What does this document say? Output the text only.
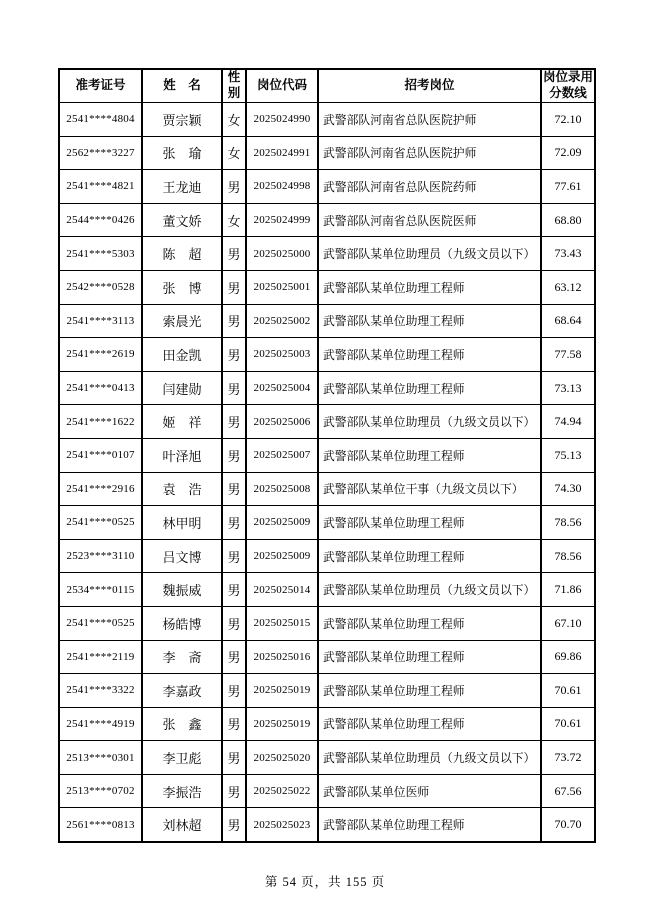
准考证号	姓　名	性别	岗位代码	招考岗位	岗位录用分数线
2541****4804	贾宗颖	女	2025024990	武警部队河南省总队医院护师	72.10
2562****3227	张　瑜	女	2025024991	武警部队河南省总队医院护师	72.09
2541****4821	王龙迪	男	2025024998	武警部队河南省总队医院药师	77.61
2544****0426	董文娇	女	2025024999	武警部队河南省总队医院医师	68.80
2541****5303	陈　超	男	2025025000	武警部队某单位助理员（九级文员以下）	73.43
2542****0528	张　博	男	2025025001	武警部队某单位助理工程师	63.12
2541****3113	索晨光	男	2025025002	武警部队某单位助理工程师	68.64
2541****2619	田金凯	男	2025025003	武警部队某单位助理工程师	77.58
2541****0413	闫建勋	男	2025025004	武警部队某单位助理工程师	73.13
2541****1622	姬　祥	男	2025025006	武警部队某单位助理员（九级文员以下）	74.94
2541****0107	叶泽旭	男	2025025007	武警部队某单位助理工程师	75.13
2541****2916	袁　浩	男	2025025008	武警部队某单位干事（九级文员以下）	74.30
2541****0525	林甲明	男	2025025009	武警部队某单位助理工程师	78.56
2523****3110	吕文博	男	2025025009	武警部队某单位助理工程师	78.56
2534****0115	魏振威	男	2025025014	武警部队某单位助理员（九级文员以下）	71.86
2541****0525	杨皓博	男	2025025015	武警部队某单位助理工程师	67.10
2541****2119	李　斋	男	2025025016	武警部队某单位助理工程师	69.86
2541****3322	李嘉政	男	2025025019	武警部队某单位助理工程师	70.61
2541****4919	张　鑫	男	2025025019	武警部队某单位助理工程师	70.61
2513****0301	李卫彪	男	2025025020	武警部队某单位助理员（九级文员以下）	73.72
2513****0702	李振浩	男	2025025022	武警部队某单位医师	67.56
2561****0813	刘林超	男	2025025023	武警部队某单位助理工程师	70.70
第 54 页，共 155 页
